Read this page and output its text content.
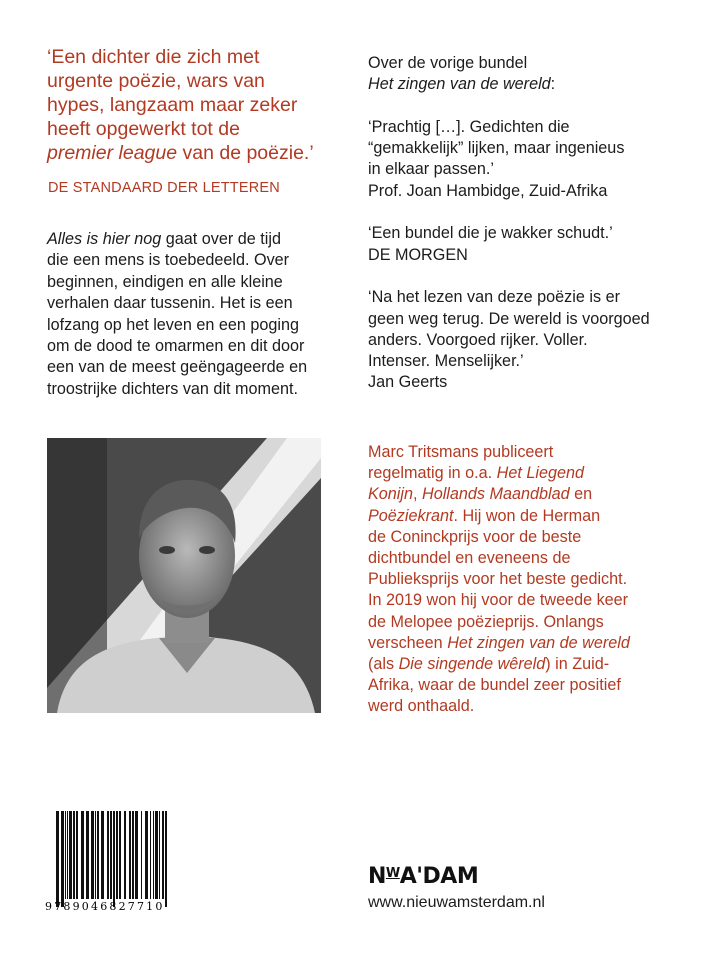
‘Een dichter die zich met
urgente poëzie, wars van
hypes, langzaam maar zeker
heeft opgewerkt tot de
premier league van de poëzie.’
DE STANDAARD DER LETTEREN
Alles is hier nog gaat over de tijd
die een mens is toebedeeld. Over
beginnen, eindigen en alle kleine
verhalen daar tussenin. Het is een
lofzang op het leven en een poging
om de dood te omarmen en dit door
een van de meest geëngageerde en
troostrijke dichters van dit moment.
Over de vorige bundel
Het zingen van de wereld:

‘Prachtig […]. Gedichten die
“gemakkelijk” lijken, maar ingenieus
in elkaar passen.’
Prof. Joan Hambidge, Zuid-Afrika

‘Een bundel die je wakker schudt.’
DE MORGEN

‘Na het lezen van deze poëzie is er
geen weg terug. De wereld is voorgoed
anders. Voorgoed rijker. Voller.
Intenser. Menselijker.’
Jan Geerts
Marc Tritsmans publiceert
regelmatig in o.a. Het Liegend
Konijn, Hollands Maandblad en
Poëziekrant. Hij won de Herman
de Coninckprijs voor de beste
dichtbundel en eveneens de
Publieksprijs voor het beste gedicht.
In 2019 won hij voor de tweede keer
de Melopee poëzieprijs. Onlangs
verscheen Het zingen van de wereld
(als Die singende wêreld) in Zuid-
Afrika, waar de bundel zeer positief
werd onthaald.
9789046827710
$N^WA'DAM$
www.nieuwamsterdam.nl
